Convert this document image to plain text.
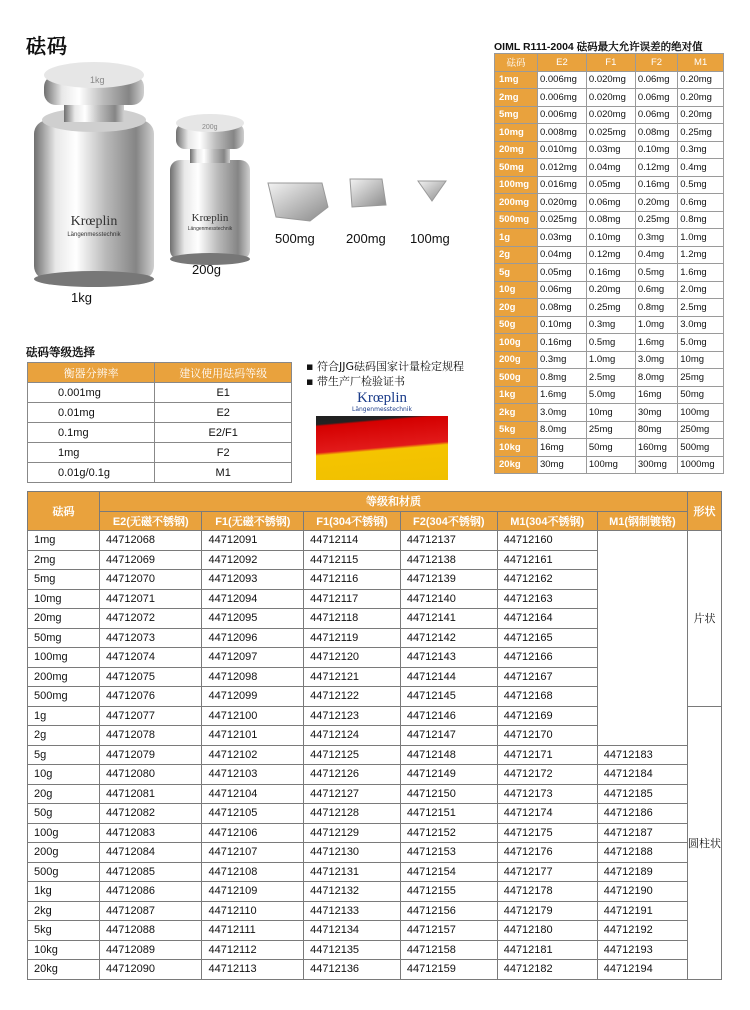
砝码
1kg
Krœplin
Längenmesstechnik
200g
Krœplin
Längenmesstechnik
1kg
200g
500mg 200mg 100mg
OIML R111-2004 砝码最大允许误差的绝对值
砝码	E2	F1	F2	M1
1mg	0.006mg	0.020mg	0.06mg	0.20mg
2mg	0.006mg	0.020mg	0.06mg	0.20mg
5mg	0.006mg	0.020mg	0.06mg	0.20mg
10mg	0.008mg	0.025mg	0.08mg	0.25mg
20mg	0.010mg	0.03mg	0.10mg	0.3mg
50mg	0.012mg	0.04mg	0.12mg	0.4mg
100mg	0.016mg	0.05mg	0.16mg	0.5mg
200mg	0.020mg	0.06mg	0.20mg	0.6mg
500mg	0.025mg	0.08mg	0.25mg	0.8mg
1g	0.03mg	0.10mg	0.3mg	1.0mg
2g	0.04mg	0.12mg	0.4mg	1.2mg
5g	0.05mg	0.16mg	0.5mg	1.6mg
10g	0.06mg	0.20mg	0.6mg	2.0mg
20g	0.08mg	0.25mg	0.8mg	2.5mg
50g	0.10mg	0.3mg	1.0mg	3.0mg
100g	0.16mg	0.5mg	1.6mg	5.0mg
200g	0.3mg	1.0mg	3.0mg	10mg
500g	0.8mg	2.5mg	8.0mg	25mg
1kg	1.6mg	5.0mg	16mg	50mg
2kg	3.0mg	10mg	30mg	100mg
5kg	8.0mg	25mg	80mg	250mg
10kg	16mg	50mg	160mg	500mg
20kg	30mg	100mg	300mg	1000mg
砝码等级选择
衡器分辨率	建议使用砝码等级
0.001mg	E1
0.01mg	E2
0.1mg	E2/F1
1mg	F2
0.01g/0.1g	M1
▪ 符合JJG砝码国家计量检定规程
▪ 带生产厂检验证书
Krœplin
Längenmesstechnik
砝码	等级和材质						形状
	E2(无磁不锈钢)	F1(无磁不锈钢)	F1(304不锈钢)	F2(304不锈钢)	M1(304不锈钢)	M1(钢制镀铬)	
1mg	44712068	44712091	44712114	44712137	44712160		片状
2mg	44712069	44712092	44712115	44712138	44712161		
5mg	44712070	44712093	44712116	44712139	44712162		
10mg	44712071	44712094	44712117	44712140	44712163		
20mg	44712072	44712095	44712118	44712141	44712164		
50mg	44712073	44712096	44712119	44712142	44712165		
100mg	44712074	44712097	44712120	44712143	44712166		
200mg	44712075	44712098	44712121	44712144	44712167		
500mg	44712076	44712099	44712122	44712145	44712168		
1g	44712077	44712100	44712123	44712146	44712169		圆柱状
2g	44712078	44712101	44712124	44712147	44712170		
5g	44712079	44712102	44712125	44712148	44712171	44712183	
10g	44712080	44712103	44712126	44712149	44712172	44712184	
20g	44712081	44712104	44712127	44712150	44712173	44712185	
50g	44712082	44712105	44712128	44712151	44712174	44712186	
100g	44712083	44712106	44712129	44712152	44712175	44712187	
200g	44712084	44712107	44712130	44712153	44712176	44712188	
500g	44712085	44712108	44712131	44712154	44712177	44712189	
1kg	44712086	44712109	44712132	44712155	44712178	44712190	
2kg	44712087	44712110	44712133	44712156	44712179	44712191	
5kg	44712088	44712111	44712134	44712157	44712180	44712192	
10kg	44712089	44712112	44712135	44712158	44712181	44712193	
20kg	44712090	44712113	44712136	44712159	44712182	44712194	
